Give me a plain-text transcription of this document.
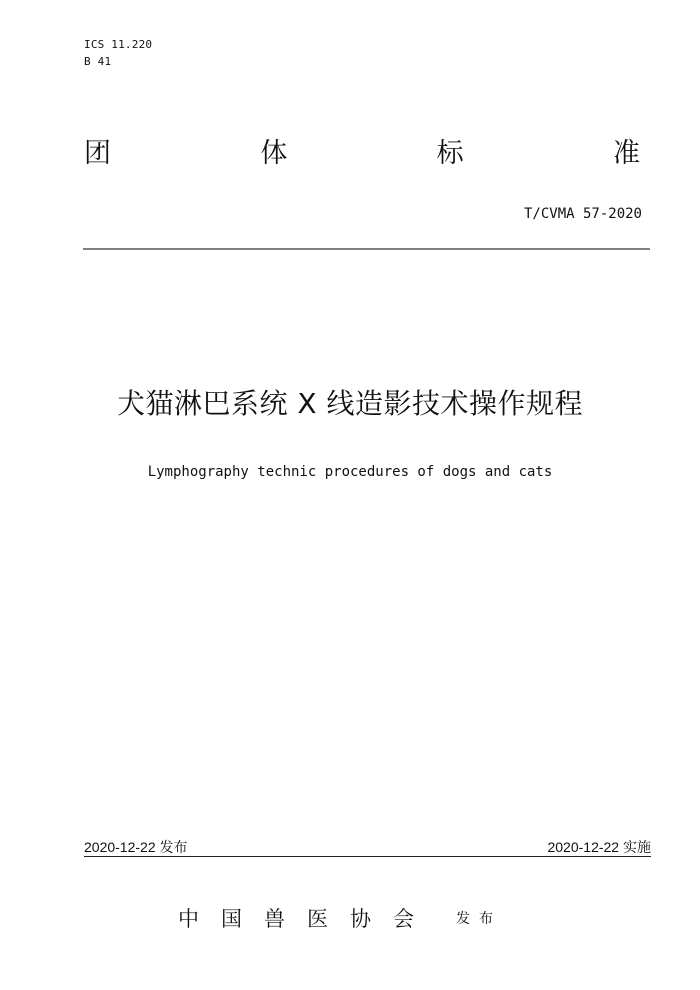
ICS 11.220
B 41
团	体	标	准
T/CVMA 57-2020
犬猫淋巴系统 X 线造影技术操作规程
Lymphography technic procedures of dogs and cats
2020-12-22 发布	2020-12-22 实施
中国兽医协会 发布
